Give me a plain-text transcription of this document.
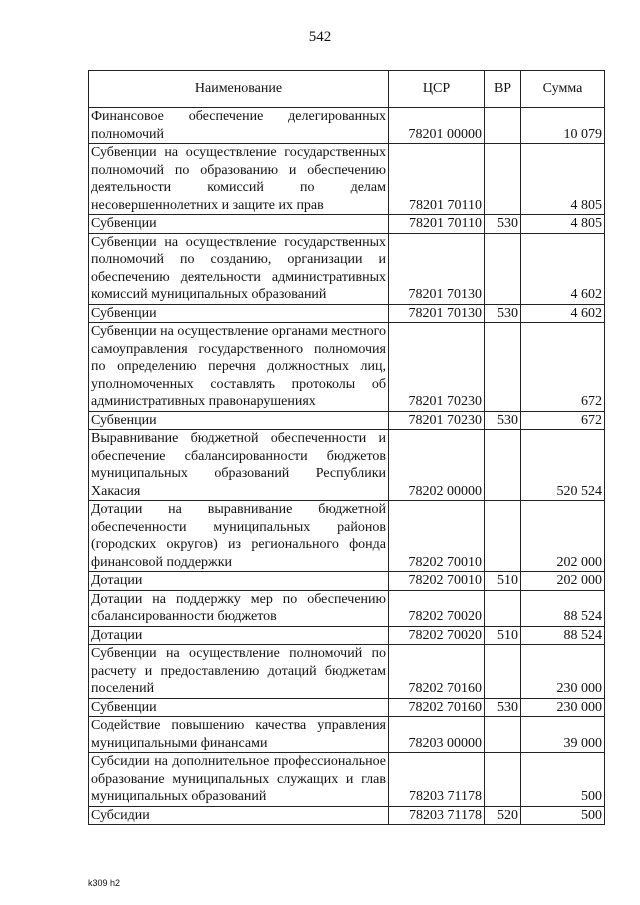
542
Наименование	ЦСР	ВР	Сумма
Финансовое обеспечение делегированных полномочий	78201 00000		10 079
Субвенции на осуществление государственных полномочий по образованию и обеспечению деятельности комиссий по делам несовершеннолетних и защите их прав	78201 70110		4 805
Субвенции	78201 70110	530	4 805
Субвенции на осуществление государственных полномочий по созданию, организации и обеспечению деятельности административных комиссий муниципальных образований	78201 70130		4 602
Субвенции	78201 70130	530	4 602
Субвенции на осуществление органами местного самоуправления государственного полномочия по определению перечня должностных лиц, уполномоченных составлять протоколы об административных правонарушениях	78201 70230		672
Субвенции	78201 70230	530	672
Выравнивание бюджетной обеспеченности и обеспечение сбалансированности бюджетов муниципальных образований Республики Хакасия	78202 00000		520 524
Дотации на выравнивание бюджетной обеспеченности муниципальных районов (городских округов) из регионального фонда финансовой поддержки	78202 70010		202 000
Дотации	78202 70010	510	202 000
Дотации на поддержку мер по обеспечению сбалансированности бюджетов	78202 70020		88 524
Дотации	78202 70020	510	88 524
Субвенции на осуществление полномочий по расчету и предоставлению дотаций бюджетам поселений	78202 70160		230 000
Субвенции	78202 70160	530	230 000
Содействие повышению качества управления муниципальными финансами	78203 00000		39 000
Субсидии на дополнительное профессиональное образование муниципальных служащих и глав муниципальных образований	78203 71178		500
Субсидии	78203 71178	520	500
k309 h2
